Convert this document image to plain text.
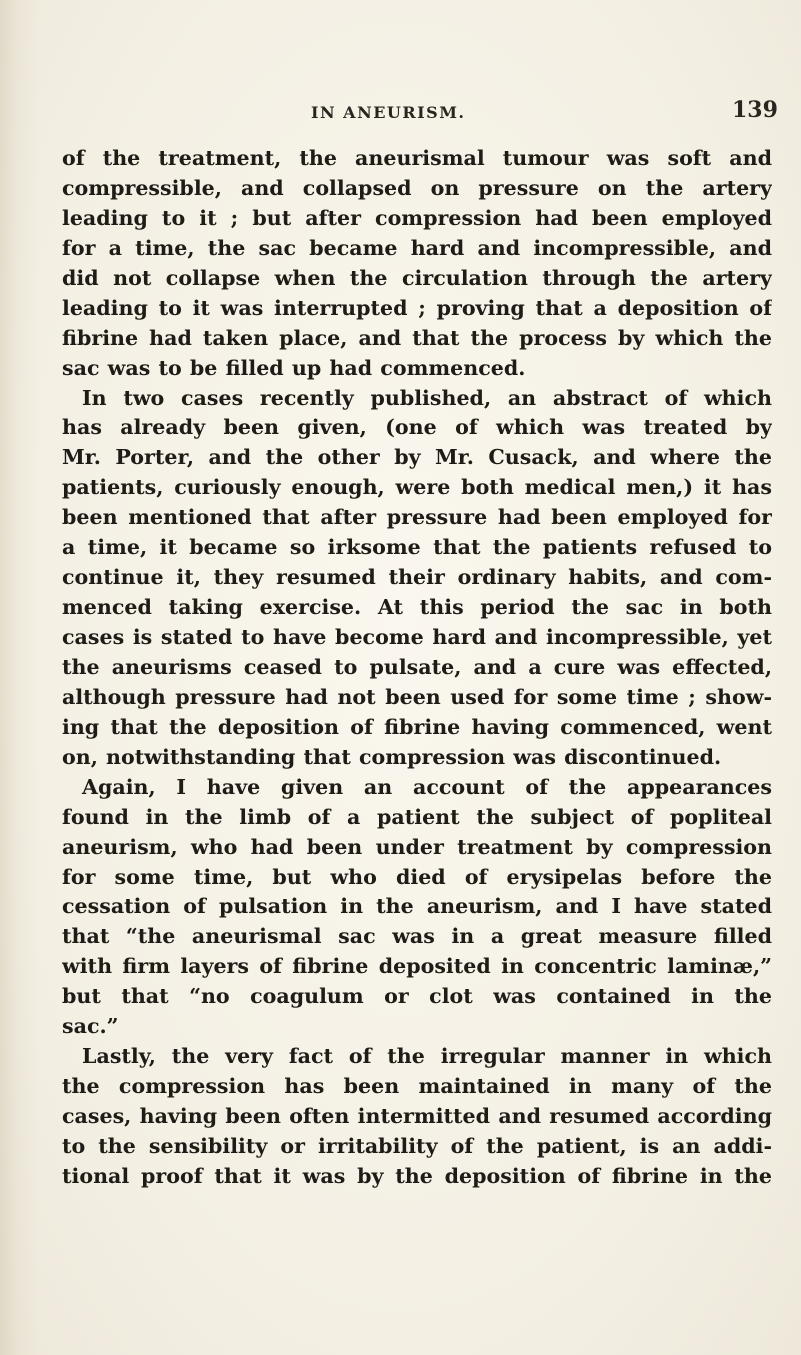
IN ANEURISM.	139
of the treatment, the aneurismal tumour was soft and
compressible, and collapsed on pressure on the artery
leading to it ; but after compression had been employed
for a time, the sac became hard and incompressible, and
did not collapse when the circulation through the artery
leading to it was interrupted ; proving that a deposition of
fibrine had taken place, and that the process by which the
sac was to be filled up had commenced.
In two cases recently published, an abstract of which
has already been given, (one of which was treated by
Mr. Porter, and the other by Mr. Cusack, and where the
patients, curiously enough, were both medical men,) it has
been mentioned that after pressure had been employed for
a time, it became so irksome that the patients refused to
continue it, they resumed their ordinary habits, and com-
menced taking exercise. At this period the sac in both
cases is stated to have become hard and incompressible, yet
the aneurisms ceased to pulsate, and a cure was effected,
although pressure had not been used for some time ; show-
ing that the deposition of fibrine having commenced, went
on, notwithstanding that compression was discontinued.
Again, I have given an account of the appearances
found in the limb of a patient the subject of popliteal
aneurism, who had been under treatment by compression
for some time, but who died of erysipelas before the
cessation of pulsation in the aneurism, and I have stated
that “the aneurismal sac was in a great measure filled
with firm layers of fibrine deposited in concentric laminæ,”
but that “no coagulum or clot was contained in the
sac.”
Lastly, the very fact of the irregular manner in which
the compression has been maintained in many of the
cases, having been often intermitted and resumed according
to the sensibility or irritability of the patient, is an addi-
tional proof that it was by the deposition of fibrine in the
